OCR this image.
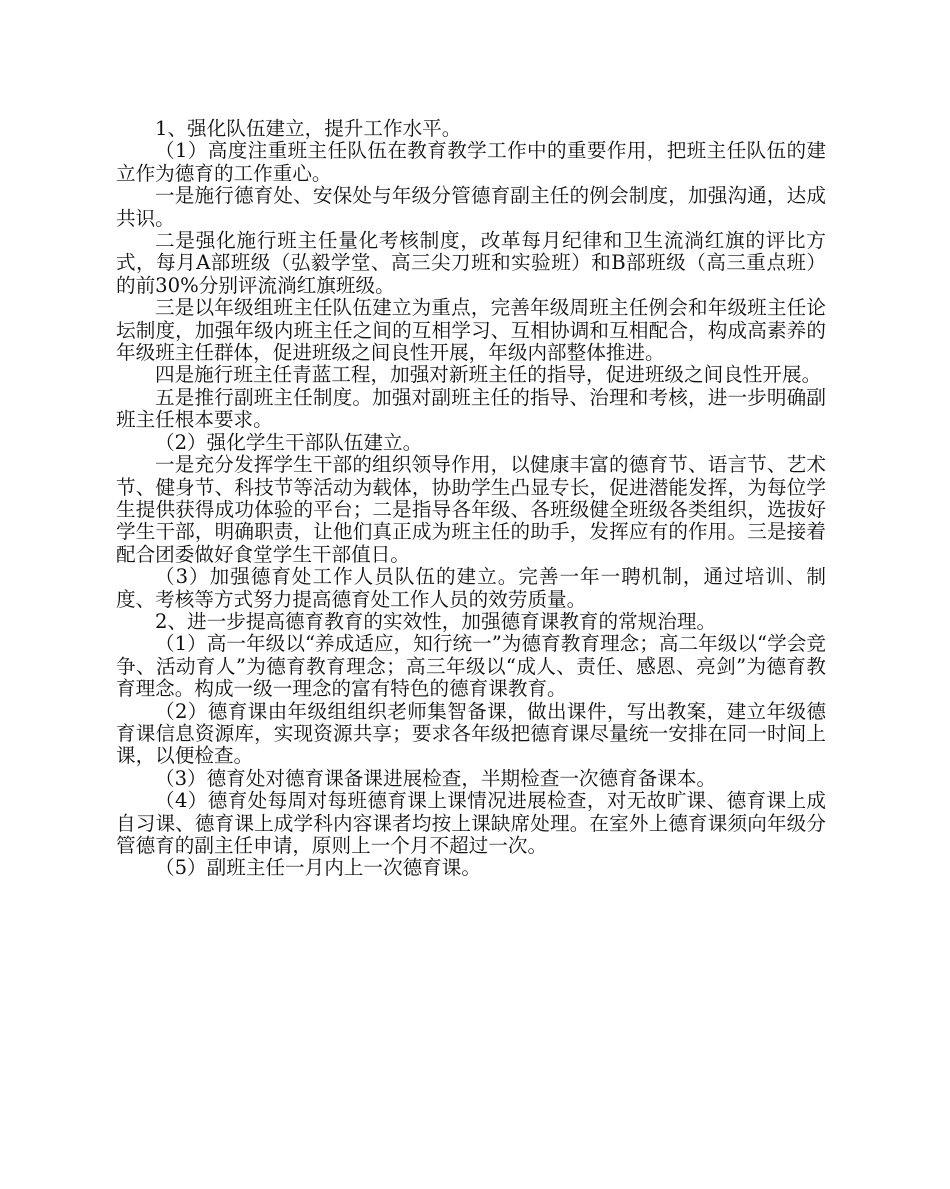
1、强化队伍建立，提升工作水平。

（1）高度注重班主任队伍在教育教学工作中的重要作用，把班主任队伍的建立作为德育的工作重心。

一是施行德育处、安保处与年级分管德育副主任的例会制度，加强沟通，达成共识。

二是强化施行班主任量化考核制度，改革每月纪律和卫生流淌红旗的评比方式，每月A部班级（弘毅学堂、高三尖刀班和实验班）和B部班级（高三重点班）的前30%分别评流淌红旗班级。

三是以年级组班主任队伍建立为重点，完善年级周班主任例会和年级班主任论坛制度，加强年级内班主任之间的互相学习、互相协调和互相配合，构成高素养的年级班主任群体，促进班级之间良性开展，年级内部整体推进。

四是施行班主任青蓝工程，加强对新班主任的指导，促进班级之间良性开展。

五是推行副班主任制度。加强对副班主任的指导、治理和考核，进一步明确副班主任根本要求。

（2）强化学生干部队伍建立。

一是充分发挥学生干部的组织领导作用，以健康丰富的德育节、语言节、艺术节、健身节、科技节等活动为载体，协助学生凸显专长，促进潜能发挥，为每位学生提供获得成功体验的平台；二是指导各年级、各班级健全班级各类组织，选拔好学生干部，明确职责，让他们真正成为班主任的助手，发挥应有的作用。三是接着配合团委做好食堂学生干部值日。

（3）加强德育处工作人员队伍的建立。完善一年一聘机制，通过培训、制度、考核等方式努力提高德育处工作人员的效劳质量。

2、进一步提高德育教育的实效性，加强德育课教育的常规治理。

（1）高一年级以“养成适应，知行统一”为德育教育理念；高二年级以“学会竞争、活动育人”为德育教育理念；高三年级以“成人、责任、感恩、亮剑”为德育教育理念。构成一级一理念的富有特色的德育课教育。

（2）德育课由年级组组织老师集智备课，做出课件，写出教案，建立年级德育课信息资源库，实现资源共享；要求各年级把德育课尽量统一安排在同一时间上课，以便检查。

（3）德育处对德育课备课进展检查，半期检查一次德育备课本。

（4）德育处每周对每班德育课上课情况进展检查，对无故旷课、德育课上成自习课、德育课上成学科内容课者均按上课缺席处理。在室外上德育课须向年级分管德育的副主任申请，原则上一个月不超过一次。

（5）副班主任一月内上一次德育课。
